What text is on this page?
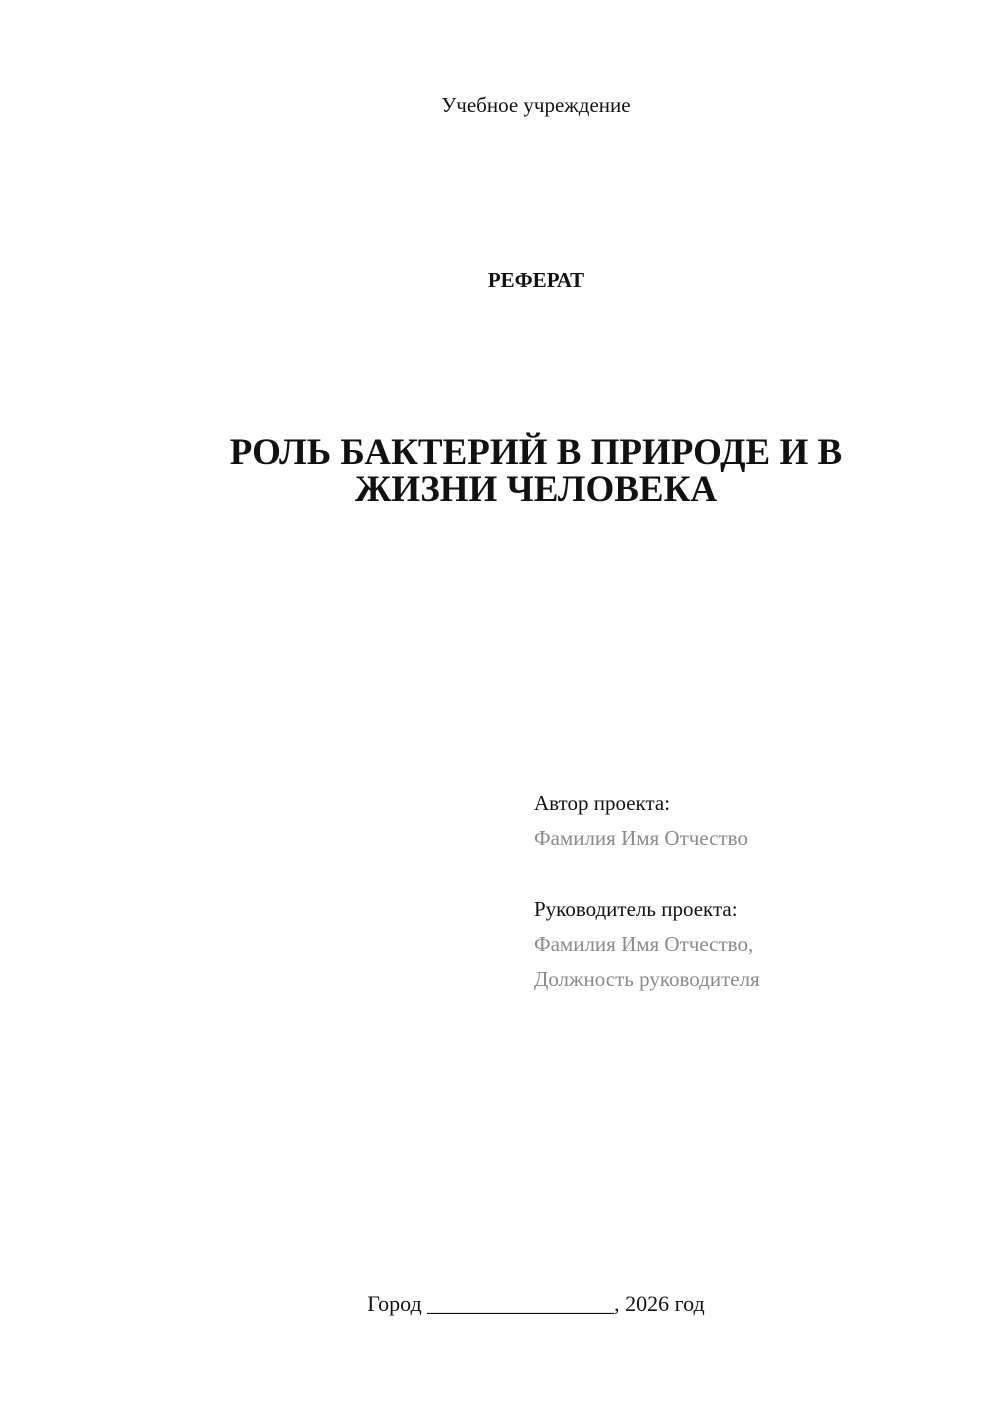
Учебное учреждение
РЕФЕРАТ
РОЛЬ БАКТЕРИЙ В ПРИРОДЕ И В
ЖИЗНИ ЧЕЛОВЕКА
Автор проекта:
Фамилия Имя Отчество
Руководитель проекта:
Фамилия Имя Отчество,
Должность руководителя
Город _________________, 2026 год
